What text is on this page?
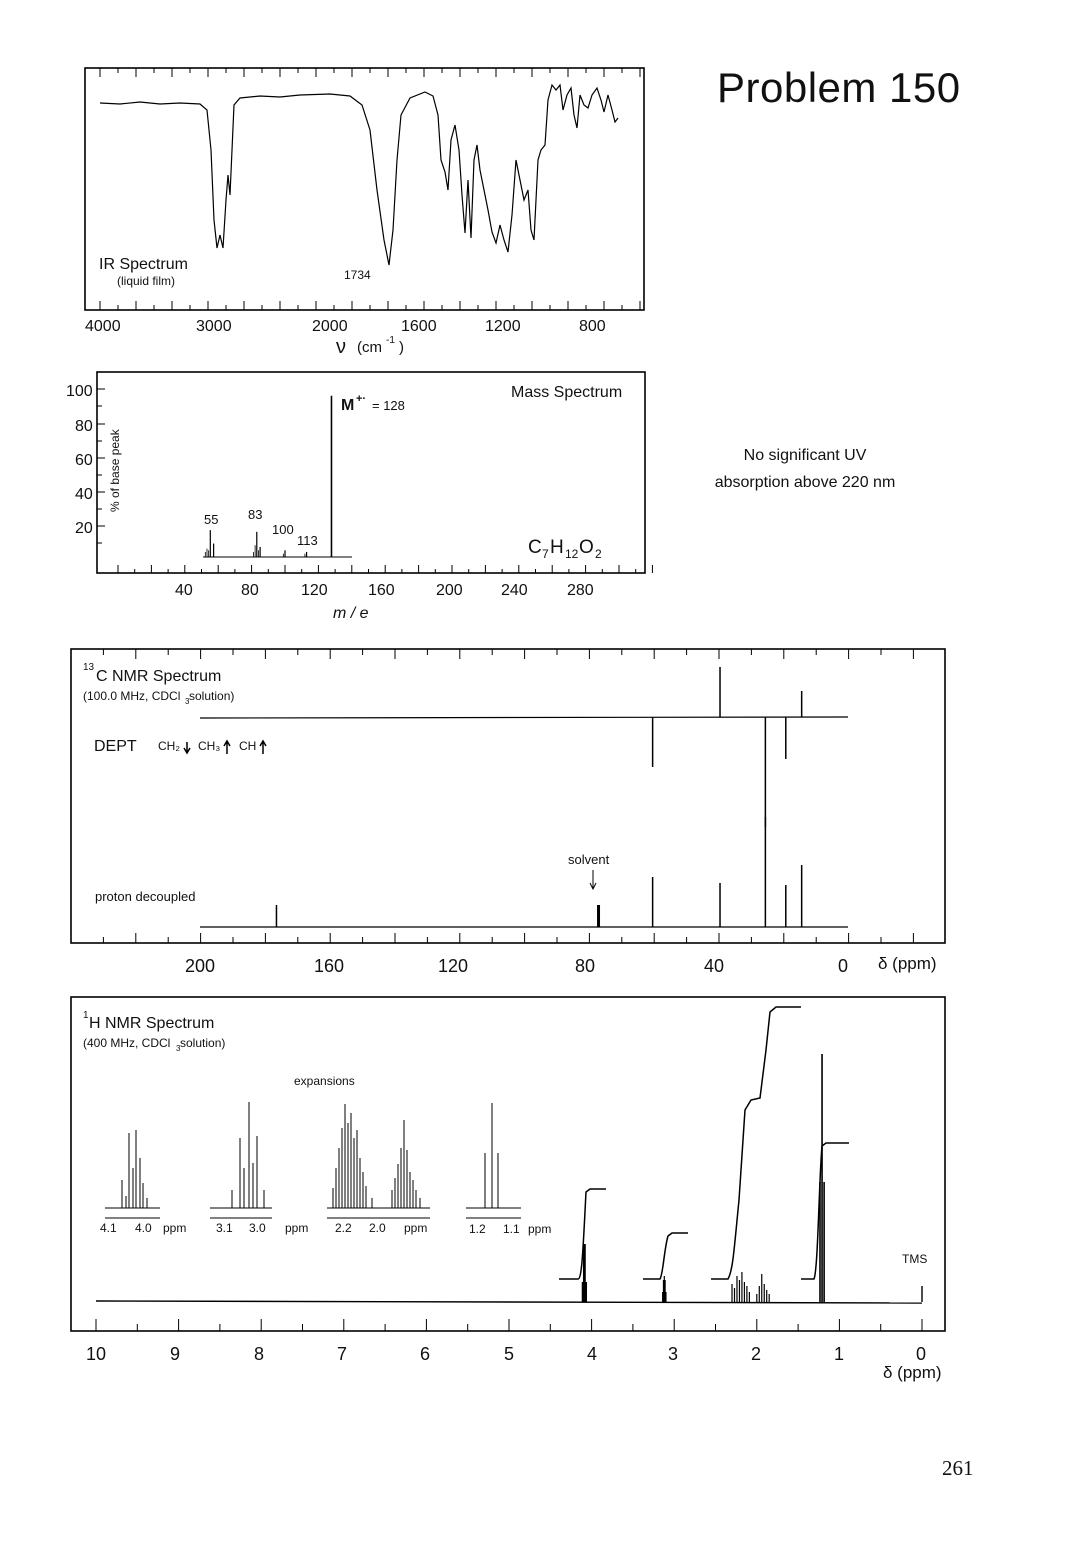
Problem 150
No significant UV
absorption above 220 nm
261
IR Spectrum
(liquid film)	1734
4000	3000	2000	1600	1200	800
ν (cm -1 )
100
80
60
40
20
% of base peak
Mass Spectrum
M +· = 128
55 83
100
113	C 7 H 12 O 2
40	80	120	160	200 240 280
m / e
13
C NMR Spectrum
(100.0 MHz, CDCl 3 solution)
DEPT CH₂ CH₃ CH
solvent
proton decoupled
200	160	120	80	40	0 δ (ppm)
1 H NMR Spectrum
(400 MHz, CDCl 3 solution)
expansions
4.1 4.0 ppm 3.1 3.0 ppm 2.2 2.0 ppm	1.2 1.1 ppm
TMS
10	9	8	7	6	5	4	3	2	1	0
δ (ppm)
